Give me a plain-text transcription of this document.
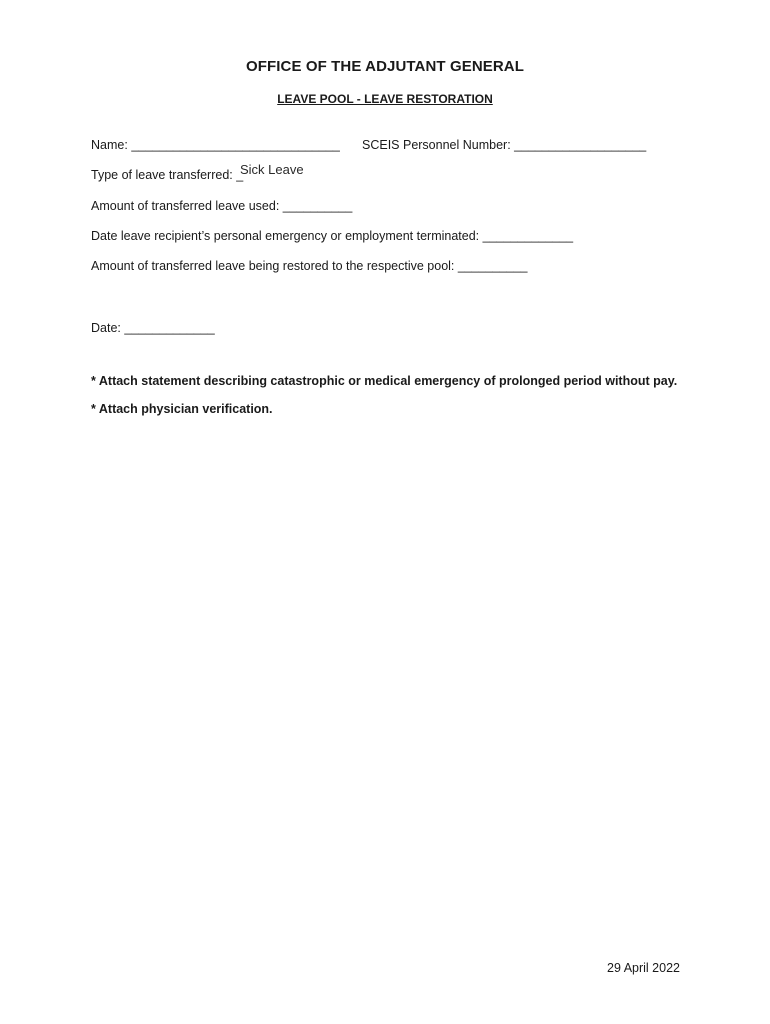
OFFICE OF THE ADJUTANT GENERAL
LEAVE POOL - LEAVE RESTORATION
Name: ______________________________ SCEIS Personnel Number: ___________________
Type of leave transferred: _
Sick Leave
Amount of transferred leave used: __________
Date leave recipient’s personal emergency or employment terminated: _____________
Amount of transferred leave being restored to the respective pool: __________
Date: _____________
* Attach statement describing catastrophic or medical emergency of prolonged period without pay.
* Attach physician verification.
29 April 2022
